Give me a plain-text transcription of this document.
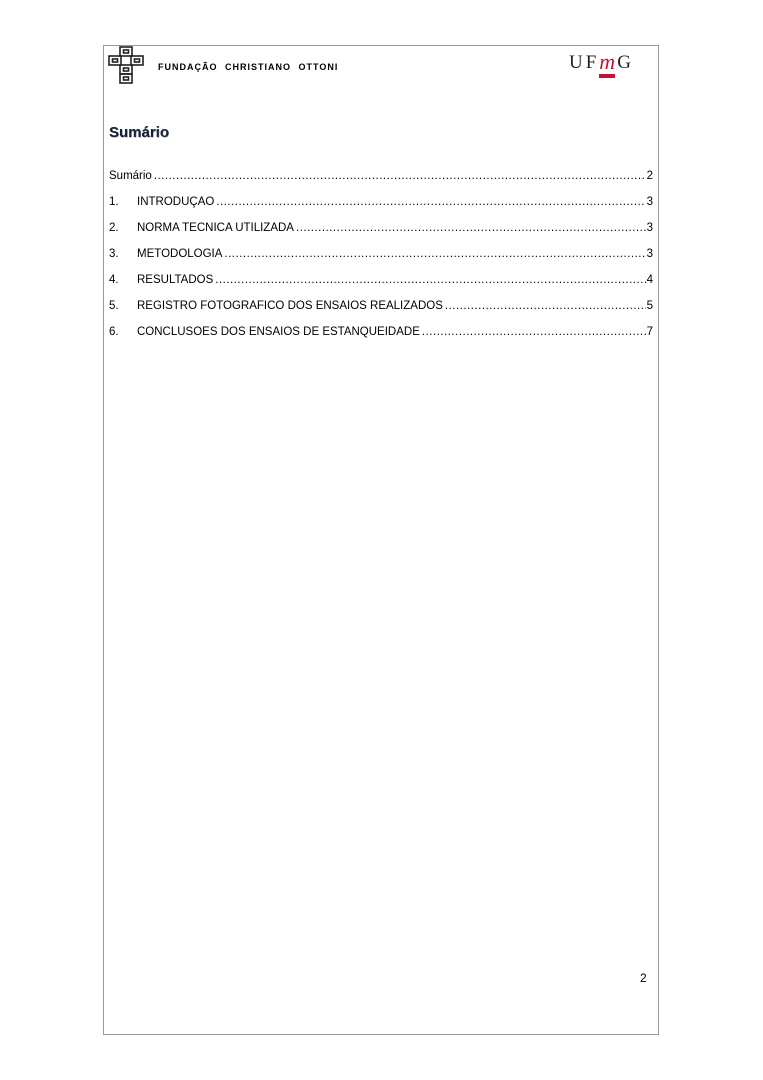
FUNDAÇÃO CHRISTIANO OTTONI	UF m G
Sumário
Sumário .....	2
1.	INTRODUÇÃO .....	3
2.	NORMA TÉCNICA UTILIZADA .....	3
3.	METODOLOGIA .....	3
4.	RESULTADOS .....	4
5.	REGISTRO FOTOGRÁFICO DOS ENSAIOS REALIZADOS .....	5
6.	CONCLUSÕES DOS ENSAIOS DE ESTANQUEIDADE .....	7
2
